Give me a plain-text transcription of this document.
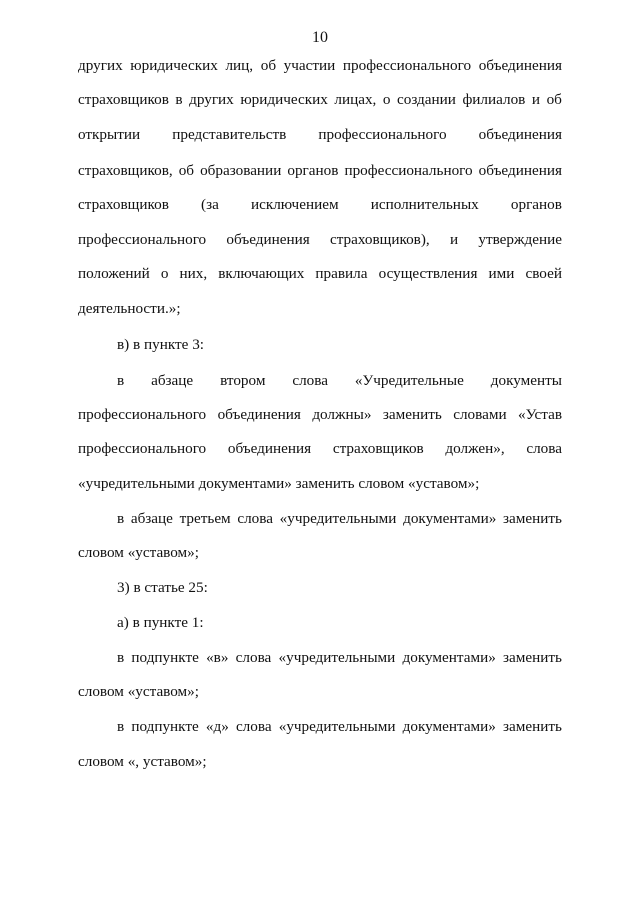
10
других юридических лиц, об участии профессионального объединения
страховщиков в других юридических лицах, о создании филиалов и об
открытии представительств профессионального объединения
страховщиков, об образовании органов профессионального объединения
страховщиков (за исключением исполнительных органов
профессионального объединения страховщиков), и утверждение
положений о них, включающих правила осуществления ими своей
деятельности.»;
в) в пункте 3:
в абзаце втором слова «Учредительные документы
профессионального объединения должны» заменить словами «Устав
профессионального объединения страховщиков должен», слова
«учредительными документами» заменить словом «уставом»;
в абзаце третьем слова «учредительными документами» заменить
словом «уставом»;
3) в статье 25:
а) в пункте 1:
в подпункте «в» слова «учредительными документами» заменить
словом «уставом»;
в подпункте «д» слова «учредительными документами» заменить
словом «, уставом»;
